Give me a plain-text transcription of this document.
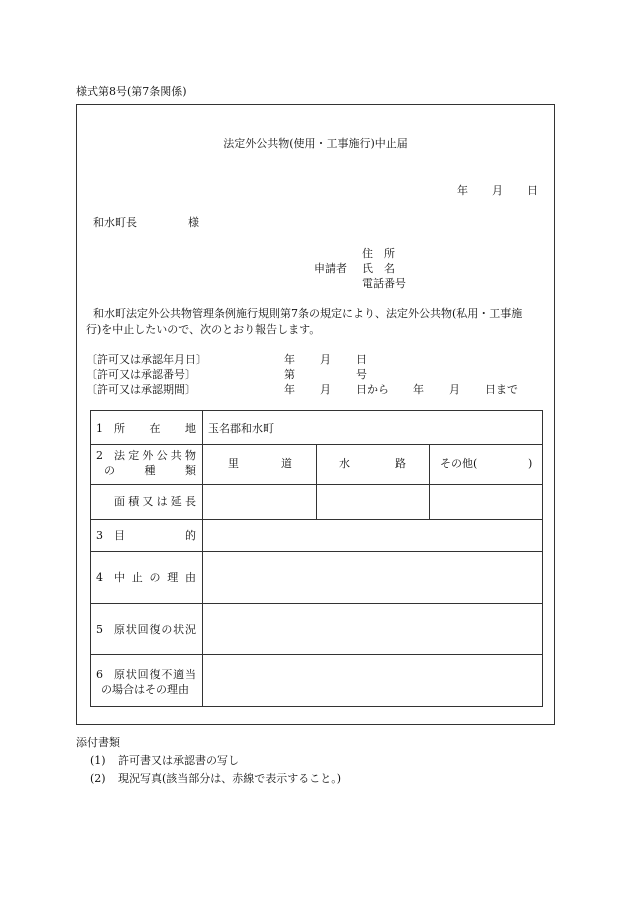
様式第8号(第7条関係)
法定外公共物(使用・工事施行)中止届
年 月 日
和水町長	様
住　所
申請者 氏　名
電話番号
和水町法定外公共物管理条例施行規則第7条の規定により、法定外公共物(私用・工事施
行)を中止したいので、次のとおり報告します。
〔許可又は承認年月日〕	年 月 日
〔許可又は承認番号〕	第	号
〔許可又は承認期間〕	年 月 日から 年 月 日まで
1 所在地 玉名郡和水町
2 法定外公共物
の種類
里道	水路	その他(	)
面積又は延長
3 目	的
4 中止の理由
5 原状回復の状況
6 原状回復不適当
の場合はその理由
添付書類
(1) 許可書又は承認書の写し
(2) 現況写真(該当部分は、赤線で表示すること。)
